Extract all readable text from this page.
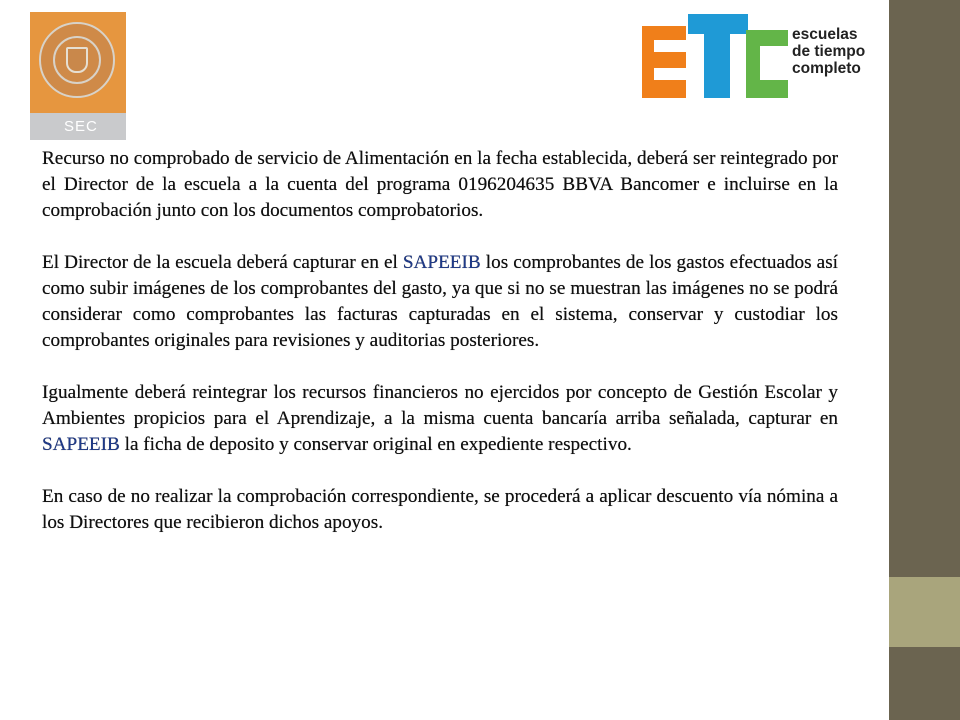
SEC
escuelas
de tiempo
completo

Recurso no comprobado de servicio de Alimentación en la fecha establecida, deberá ser reintegrado por el Director de la escuela a la cuenta del programa 0196204635 BBVA Bancomer e incluirse en la comprobación junto con los documentos comprobatorios.

El Director de la escuela deberá capturar en el SAPEEIB los comprobantes de los gastos efectuados así como subir imágenes de los comprobantes del gasto, ya que si no se muestran las imágenes no se podrá considerar como comprobantes las facturas capturadas en el sistema, conservar y custodiar los comprobantes originales para revisiones y auditorias posteriores.

Igualmente deberá reintegrar los recursos financieros no ejercidos por concepto de Gestión Escolar y Ambientes propicios para el Aprendizaje, a la misma cuenta bancaría arriba señalada, capturar en SAPEEIB la ficha de deposito y conservar original en expediente respectivo.

En caso de no realizar la comprobación correspondiente, se procederá a aplicar descuento vía nómina a los Directores que recibieron dichos apoyos.
